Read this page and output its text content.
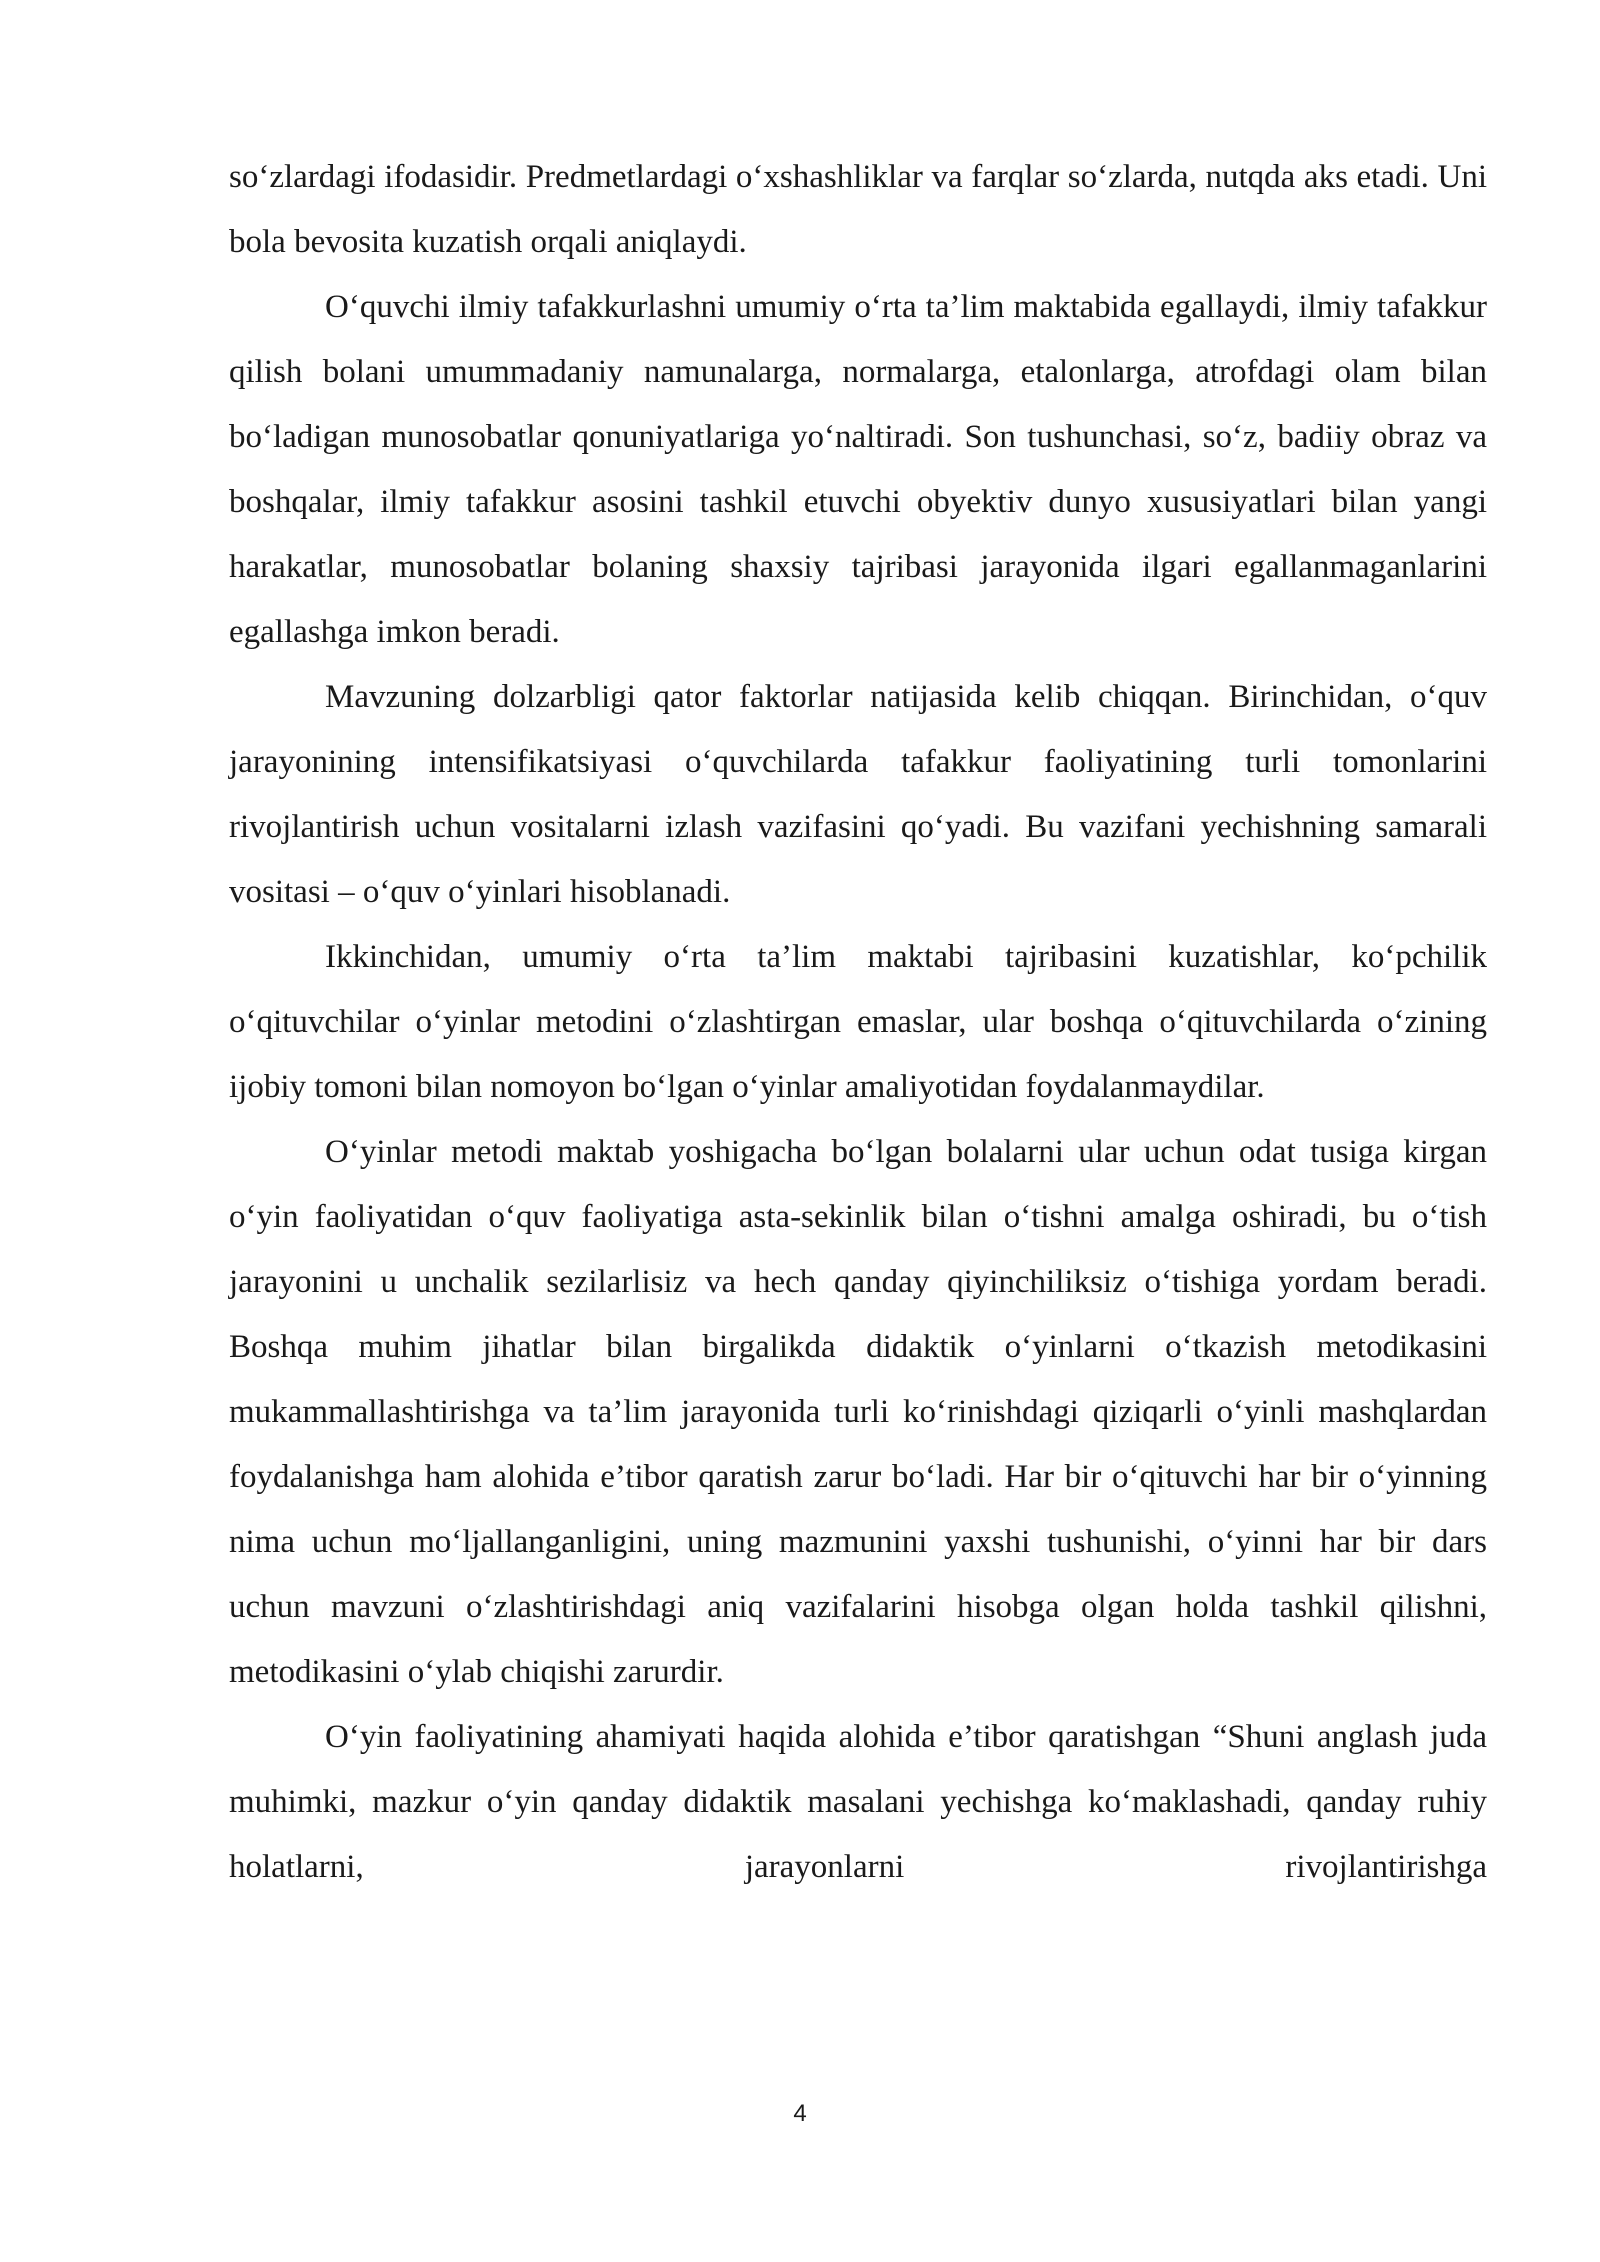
so‘zlardagi ifodasidir. Predmetlardagi o‘xshashliklar va farqlar so‘zlarda, nutqda aks etadi. Uni bola bevosita kuzatish orqali aniqlaydi.

O‘quvchi ilmiy tafakkurlashni umumiy o‘rta ta’lim maktabida egallaydi, ilmiy tafakkur qilish bolani umummadaniy namunalarga, normalarga, etalonlarga, atrofdagi olam bilan bo‘ladigan munosobatlar qonuniyatlariga yo‘naltiradi. Son tushunchasi, so‘z, badiiy obraz va boshqalar, ilmiy tafakkur asosini tashkil etuvchi obyektiv dunyo xususiyatlari bilan yangi harakatlar, munosobatlar bolaning shaxsiy tajribasi jarayonida ilgari egallanmaganlarini egallashga imkon beradi.

Mavzuning dolzarbligi qator faktorlar natijasida kelib chiqqan. Birinchidan, o‘quv jarayonining intensifikatsiyasi o‘quvchilarda tafakkur faoliyatining turli tomonlarini rivojlantirish uchun vositalarni izlash vazifasini qo‘yadi. Bu vazifani yechishning samarali vositasi – o‘quv o‘yinlari hisoblanadi.

Ikkinchidan, umumiy o‘rta ta’lim maktabi tajribasini kuzatishlar, ko‘pchilik o‘qituvchilar o‘yinlar metodini o‘zlashtirgan emaslar, ular boshqa o‘qituvchilarda o‘zining ijobiy tomoni bilan nomoyon bo‘lgan o‘yinlar amaliyotidan foydalanmaydilar.

O‘yinlar metodi maktab yoshigacha bo‘lgan bolalarni ular uchun odat tusiga kirgan o‘yin faoliyatidan o‘quv faoliyatiga asta-sekinlik bilan o‘tishni amalga oshiradi, bu o‘tish jarayonini u unchalik sezilarlisiz va hech qanday qiyinchiliksiz o‘tishiga yordam beradi. Boshqa muhim jihatlar bilan birgalikda didaktik o‘yinlarni o‘tkazish metodikasini mukammallashtirishga va ta’lim jarayonida turli ko‘rinishdagi qiziqarli o‘yinli mashqlardan foydalanishga ham alohida e’tibor qaratish zarur bo‘ladi. Har bir o‘qituvchi har bir o‘yinning nima uchun mo‘ljallanganligini, uning mazmunini yaxshi tushunishi, o‘yinni har bir dars uchun mavzuni o‘zlashtirishdagi aniq vazifalarini hisobga olgan holda tashkil qilishni, metodikasini o‘ylab chiqishi zarurdir.

O‘yin faoliyatining ahamiyati haqida alohida e’tibor qaratishgan “Shuni anglash juda muhimki, mazkur o‘yin qanday didaktik masalani yechishga ko‘maklashadi, qanday ruhiy holatlarni, jarayonlarni rivojlantirishga

4
